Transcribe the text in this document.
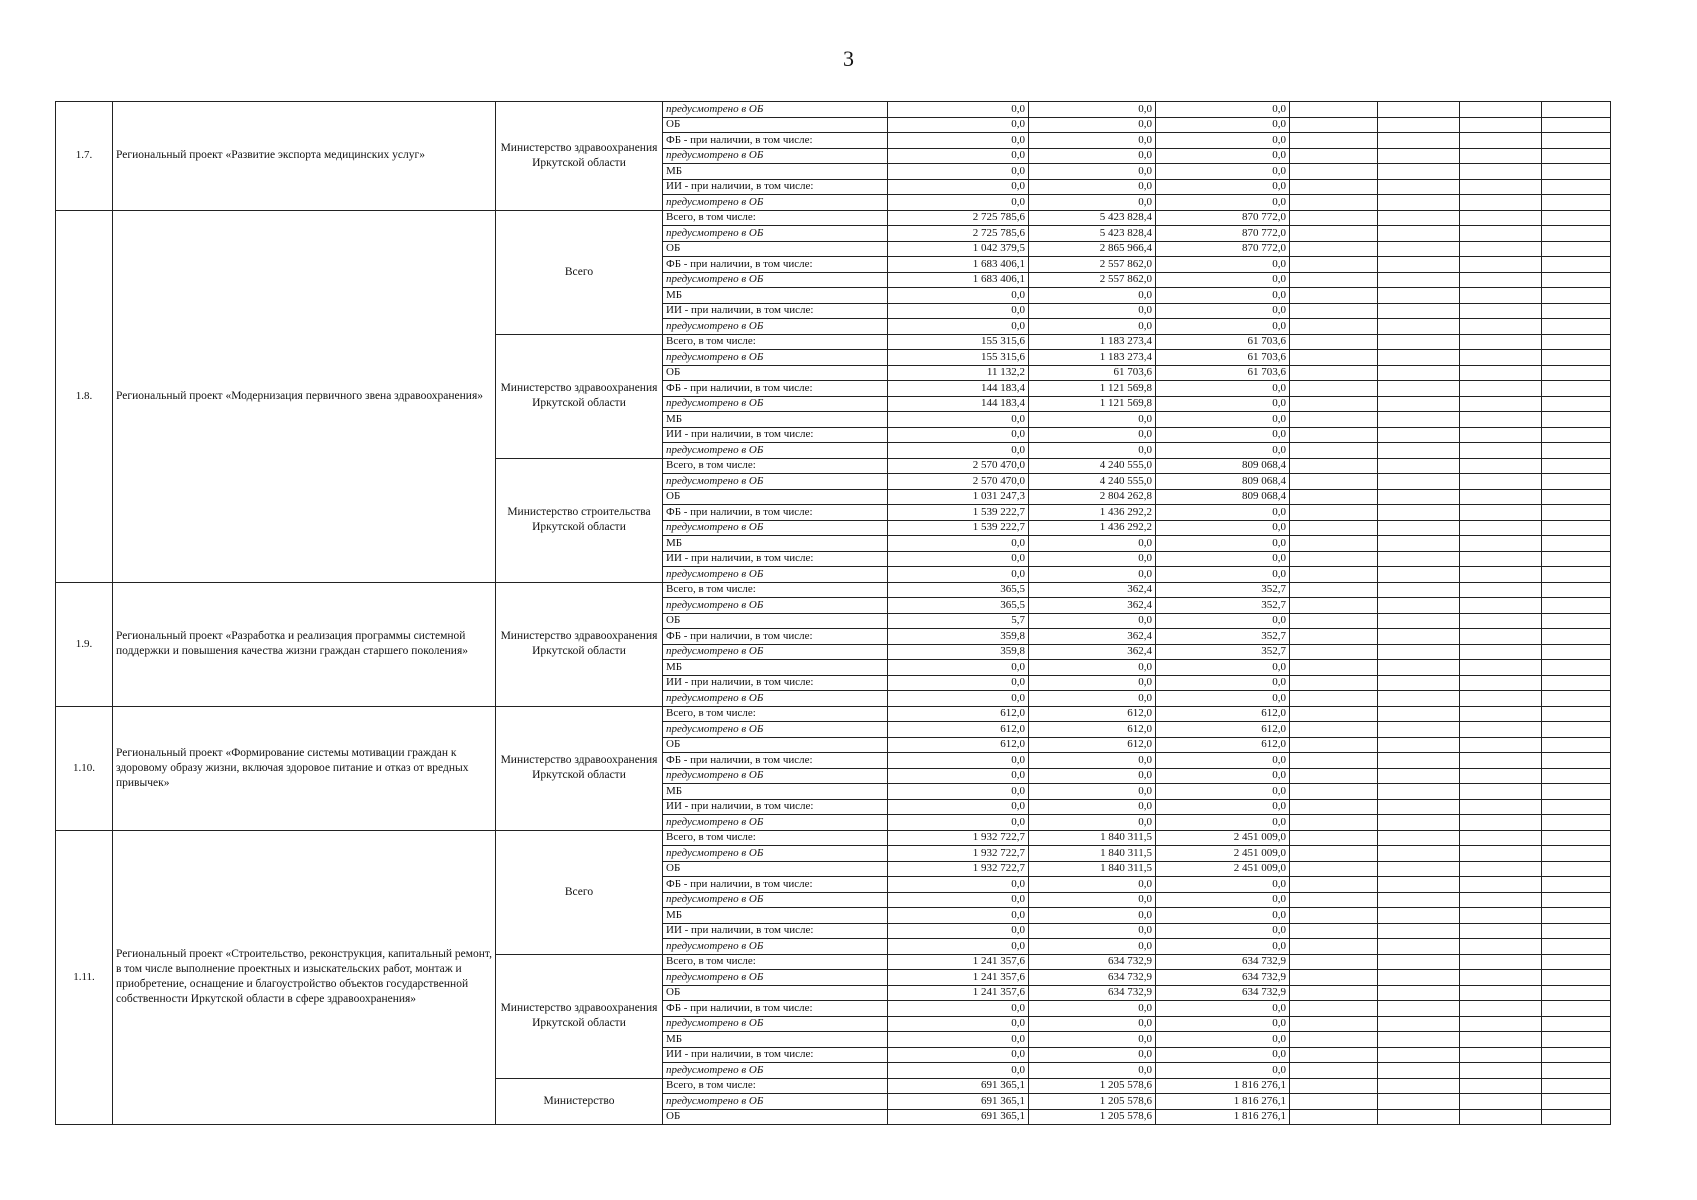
3
1.7.	Региональный проект «Развитие экспорта медицинских услуг»	Министерство здравоохранения Иркутской области	предусмотрено в ОБ	0,0	0,0	0,0				
			ОБ	0,0	0,0	0,0				
			ФБ - при наличии, в том числе:	0,0	0,0	0,0				
			предусмотрено в ОБ	0,0	0,0	0,0				
			МБ	0,0	0,0	0,0				
			ИИ - при наличии, в том числе:	0,0	0,0	0,0				
			предусмотрено в ОБ	0,0	0,0	0,0				
1.8.	Региональный проект «Модернизация первичного звена здравоохранения»	Всего	Всего, в том числе:	2 725 785,6	5 423 828,4	870 772,0				
			предусмотрено в ОБ	2 725 785,6	5 423 828,4	870 772,0				
			ОБ	1 042 379,5	2 865 966,4	870 772,0				
			ФБ - при наличии, в том числе:	1 683 406,1	2 557 862,0	0,0				
			предусмотрено в ОБ	1 683 406,1	2 557 862,0	0,0				
			МБ	0,0	0,0	0,0				
			ИИ - при наличии, в том числе:	0,0	0,0	0,0				
			предусмотрено в ОБ	0,0	0,0	0,0				
		Министерство здравоохранения Иркутской области	Всего, в том числе:	155 315,6	1 183 273,4	61 703,6				
			предусмотрено в ОБ	155 315,6	1 183 273,4	61 703,6				
			ОБ	11 132,2	61 703,6	61 703,6				
			ФБ - при наличии, в том числе:	144 183,4	1 121 569,8	0,0				
			предусмотрено в ОБ	144 183,4	1 121 569,8	0,0				
			МБ	0,0	0,0	0,0				
			ИИ - при наличии, в том числе:	0,0	0,0	0,0				
			предусмотрено в ОБ	0,0	0,0	0,0				
		Министерство строительства Иркутской области	Всего, в том числе:	2 570 470,0	4 240 555,0	809 068,4				
			предусмотрено в ОБ	2 570 470,0	4 240 555,0	809 068,4				
			ОБ	1 031 247,3	2 804 262,8	809 068,4				
			ФБ - при наличии, в том числе:	1 539 222,7	1 436 292,2	0,0				
			предусмотрено в ОБ	1 539 222,7	1 436 292,2	0,0				
			МБ	0,0	0,0	0,0				
			ИИ - при наличии, в том числе:	0,0	0,0	0,0				
			предусмотрено в ОБ	0,0	0,0	0,0				
1.9.	Региональный проект «Разработка и реализация программы системной поддержки и повышения качества жизни граждан старшего поколения»	Министерство здравоохранения Иркутской области	Всего, в том числе:	365,5	362,4	352,7				
			предусмотрено в ОБ	365,5	362,4	352,7				
			ОБ	5,7	0,0	0,0				
			ФБ - при наличии, в том числе:	359,8	362,4	352,7				
			предусмотрено в ОБ	359,8	362,4	352,7				
			МБ	0,0	0,0	0,0				
			ИИ - при наличии, в том числе:	0,0	0,0	0,0				
			предусмотрено в ОБ	0,0	0,0	0,0				
1.10.	Региональный проект «Формирование системы мотивации граждан к здоровому образу жизни, включая здоровое питание и отказ от вредных привычек»	Министерство здравоохранения Иркутской области	Всего, в том числе:	612,0	612,0	612,0				
			предусмотрено в ОБ	612,0	612,0	612,0				
			ОБ	612,0	612,0	612,0				
			ФБ - при наличии, в том числе:	0,0	0,0	0,0				
			предусмотрено в ОБ	0,0	0,0	0,0				
			МБ	0,0	0,0	0,0				
			ИИ - при наличии, в том числе:	0,0	0,0	0,0				
			предусмотрено в ОБ	0,0	0,0	0,0				
1.11.	Региональный проект «Строительство, реконструкция, капитальный ремонт, в том числе выполнение проектных и изыскательских работ, монтаж и приобретение, оснащение и благоустройство объектов государственной собственности Иркутской области в сфере здравоохранения»	Всего	Всего, в том числе:	1 932 722,7	1 840 311,5	2 451 009,0				
			предусмотрено в ОБ	1 932 722,7	1 840 311,5	2 451 009,0				
			ОБ	1 932 722,7	1 840 311,5	2 451 009,0				
			ФБ - при наличии, в том числе:	0,0	0,0	0,0				
			предусмотрено в ОБ	0,0	0,0	0,0				
			МБ	0,0	0,0	0,0				
			ИИ - при наличии, в том числе:	0,0	0,0	0,0				
			предусмотрено в ОБ	0,0	0,0	0,0				
		Министерство здравоохранения Иркутской области	Всего, в том числе:	1 241 357,6	634 732,9	634 732,9				
			предусмотрено в ОБ	1 241 357,6	634 732,9	634 732,9				
			ОБ	1 241 357,6	634 732,9	634 732,9				
			ФБ - при наличии, в том числе:	0,0	0,0	0,0				
			предусмотрено в ОБ	0,0	0,0	0,0				
			МБ	0,0	0,0	0,0				
			ИИ - при наличии, в том числе:	0,0	0,0	0,0				
			предусмотрено в ОБ	0,0	0,0	0,0				
		Министерство	Всего, в том числе:	691 365,1	1 205 578,6	1 816 276,1				
			предусмотрено в ОБ	691 365,1	1 205 578,6	1 816 276,1				
			ОБ	691 365,1	1 205 578,6	1 816 276,1				
